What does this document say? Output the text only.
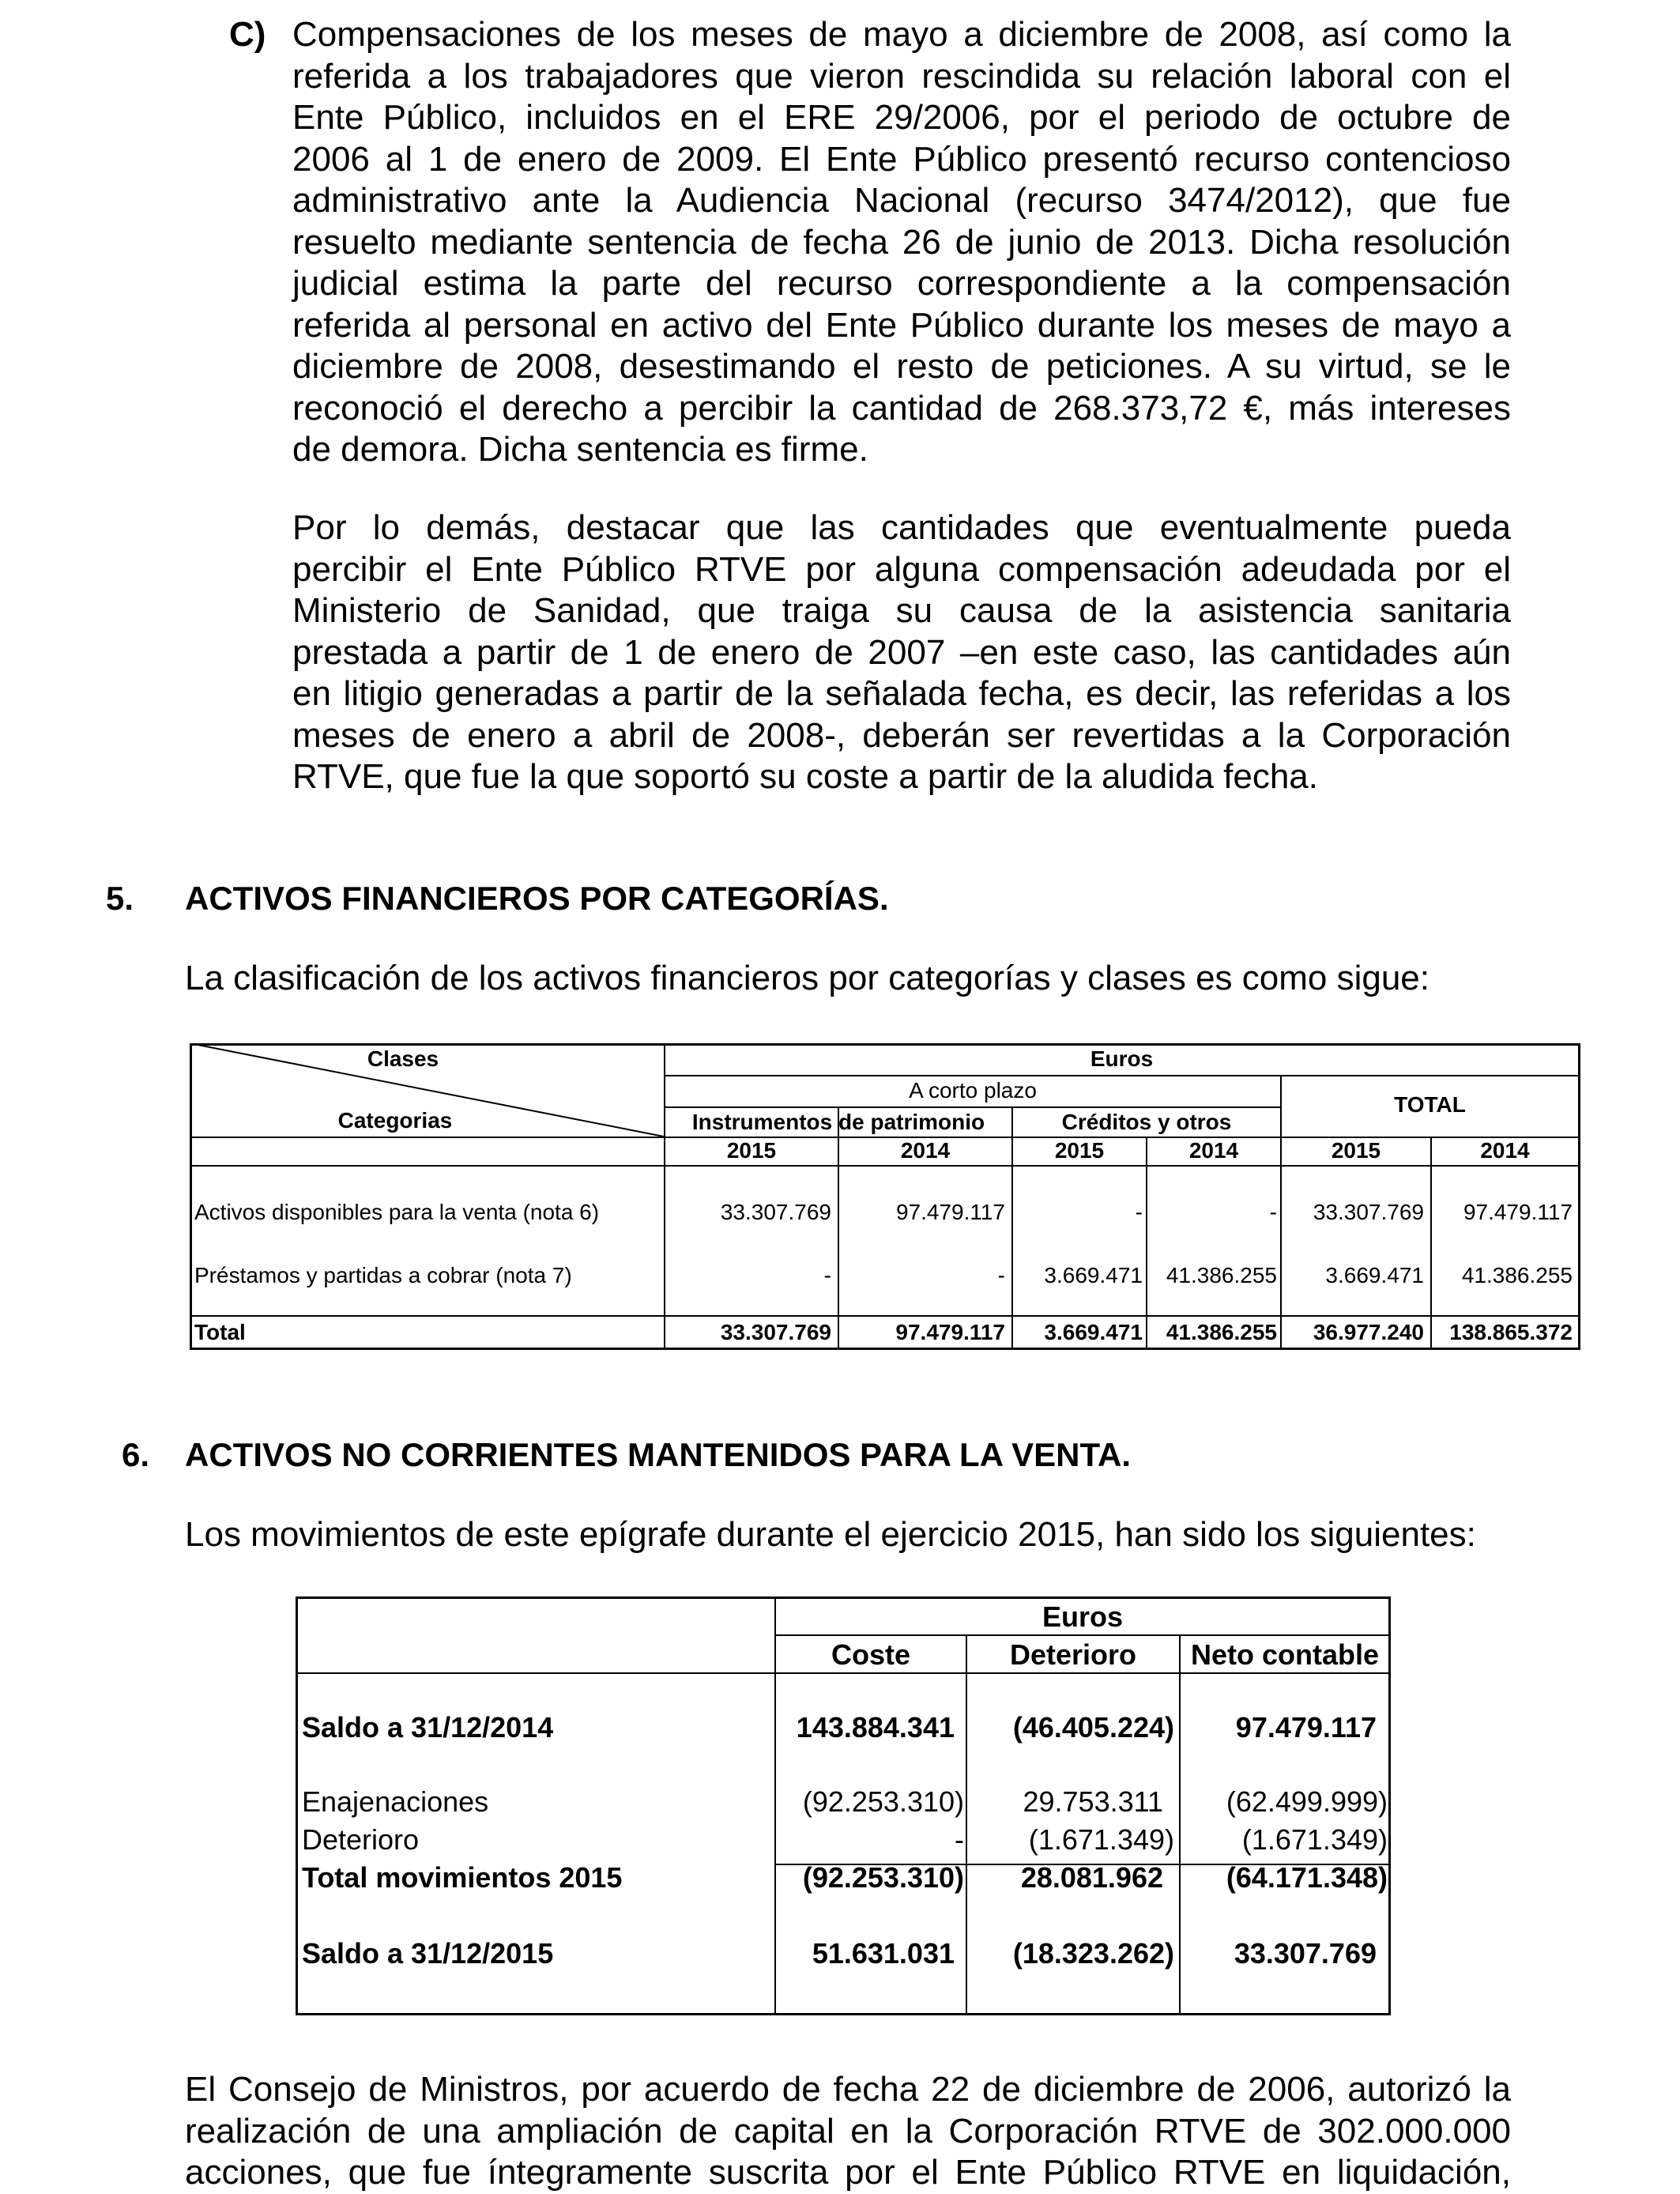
C) Compensaciones de los meses de mayo a diciembre de 2008, así como la
referida a los trabajadores que vieron rescindida su relación laboral con el
Ente Público, incluidos en el ERE 29/2006, por el periodo de octubre de
2006 al 1 de enero de 2009. El Ente Público presentó recurso contencioso
administrativo ante la Audiencia Nacional (recurso 3474/2012), que fue
resuelto mediante sentencia de fecha 26 de junio de 2013. Dicha resolución
judicial estima la parte del recurso correspondiente a la compensación
referida al personal en activo del Ente Público durante los meses de mayo a
diciembre de 2008, desestimando el resto de peticiones. A su virtud, se le
reconoció el derecho a percibir la cantidad de 268.373,72 €, más intereses
de demora. Dicha sentencia es firme.
Por lo demás, destacar que las cantidades que eventualmente pueda
percibir el Ente Público RTVE por alguna compensación adeudada por el
Ministerio de Sanidad, que traiga su causa de la asistencia sanitaria
prestada a partir de 1 de enero de 2007 –en este caso, las cantidades aún
en litigio generadas a partir de la señalada fecha, es decir, las referidas a los
meses de enero a abril de 2008-, deberán ser revertidas a la Corporación
RTVE, que fue la que soportó su coste a partir de la aludida fecha.
5. ACTIVOS FINANCIEROS POR CATEGORÍAS.
La clasificación de los activos financieros por categorías y clases es como sigue:
Clases
Categorias
Euros
A corto plazo
Instrumentos de patrimonio	Créditos y otros
TOTAL
2015	2014	2015	2014	2015	2014
Activos disponibles para la venta (nota 6)	33.307.769	97.479.117	-	-	33.307.769	97.479.117
Préstamos y partidas a cobrar (nota 7)	-	-	3.669.471	41.386.255	3.669.471	41.386.255
Total	33.307.769	97.479.117	3.669.471	41.386.255	36.977.240	138.865.372
6. ACTIVOS NO CORRIENTES MANTENIDOS PARA LA VENTA.
Los movimientos de este epígrafe durante el ejercicio 2015, han sido los siguientes:
Euros
Coste	Deterioro	Neto contable
Saldo a 31/12/2014	143.884.341	(46.405.224)	97.479.117
Enajenaciones	(92.253.310)	29.753.311	(62.499.999)
Deterioro	-	(1.671.349)	(1.671.349)
Total movimientos 2015	(92.253.310)	28.081.962	(64.171.348)
Saldo a 31/12/2015	51.631.031	(18.323.262)	33.307.769
El Consejo de Ministros, por acuerdo de fecha 22 de diciembre de 2006, autorizó la
realización de una ampliación de capital en la Corporación RTVE de 302.000.000
acciones, que fue íntegramente suscrita por el Ente Público RTVE en liquidación,
